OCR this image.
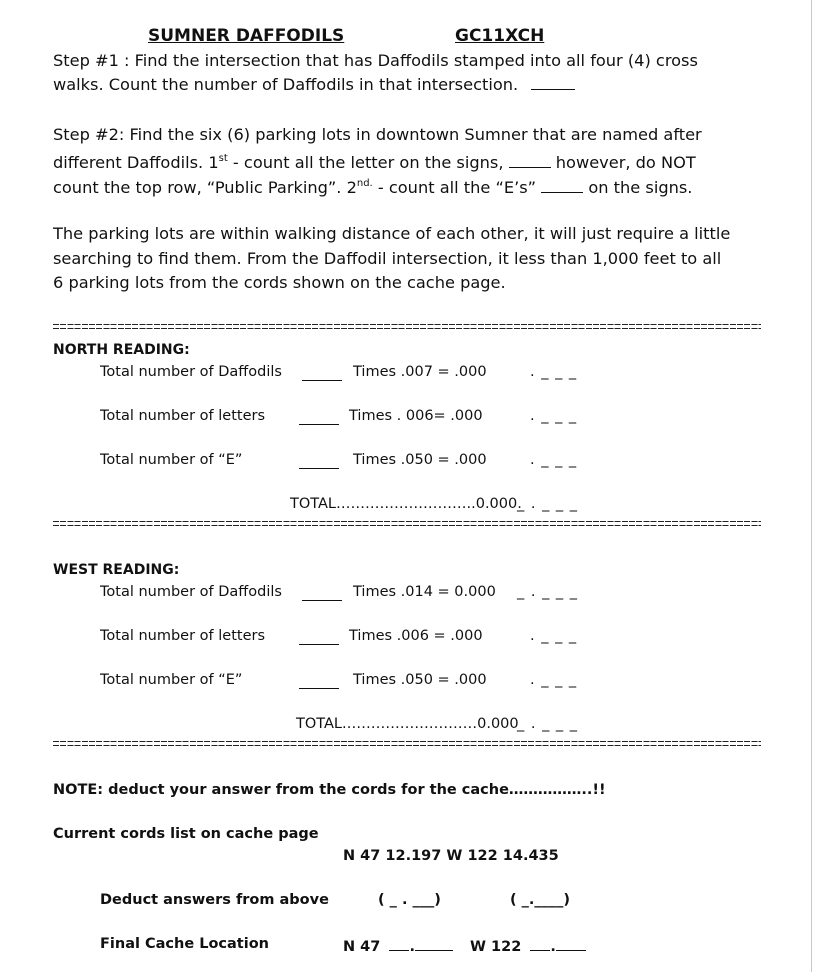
SUMNER DAFFODILS	GC11XCH
Step #1 : Find the intersection that has Daffodils stamped into all four (4) cross
walks. Count the number of Daffodils in that intersection.
Step #2: Find the six (6) parking lots in downtown Sumner that are named after
different Daffodils. 1st - count all the letter on the signs,	however, do NOT
count the top row, “Public Parking”. $2^{nd.}$ - count all the “E’s”	on the signs.
The parking lots are within walking distance of each other, it will just require a little
searching to find them. From the Daffodil intersection, it less than 1,000 feet to all
6 parking lots from the cords shown on the cache page.
NORTH READING:
Total number of Daffodils	Times .007 = .000	. _ _ _
Total number of letters	Times . 006= .000	. _ _ _
Total number of “E”	Times .050 = .000	. _ _ _
TOTAL………………………..0.000.
_ . _ _ _
WEST READING:
Total number of Daffodils	Times .014 = 0.000 _ . _ _ _
Total number of letters	Times .006 = .000	. _ _ _
Total number of “E”	Times .050 = .000	. _ _ _
TOTAL.………………………0.000
_ . _ _ _
NOTE: deduct your answer from the cords for the cache……………..!!
Current cords list on cache page
N 47 12.197 W 122 14.435
Deduct answers from above	( _ . ___)	( _.____)
Final Cache Location	N 47 .	W 122 .
